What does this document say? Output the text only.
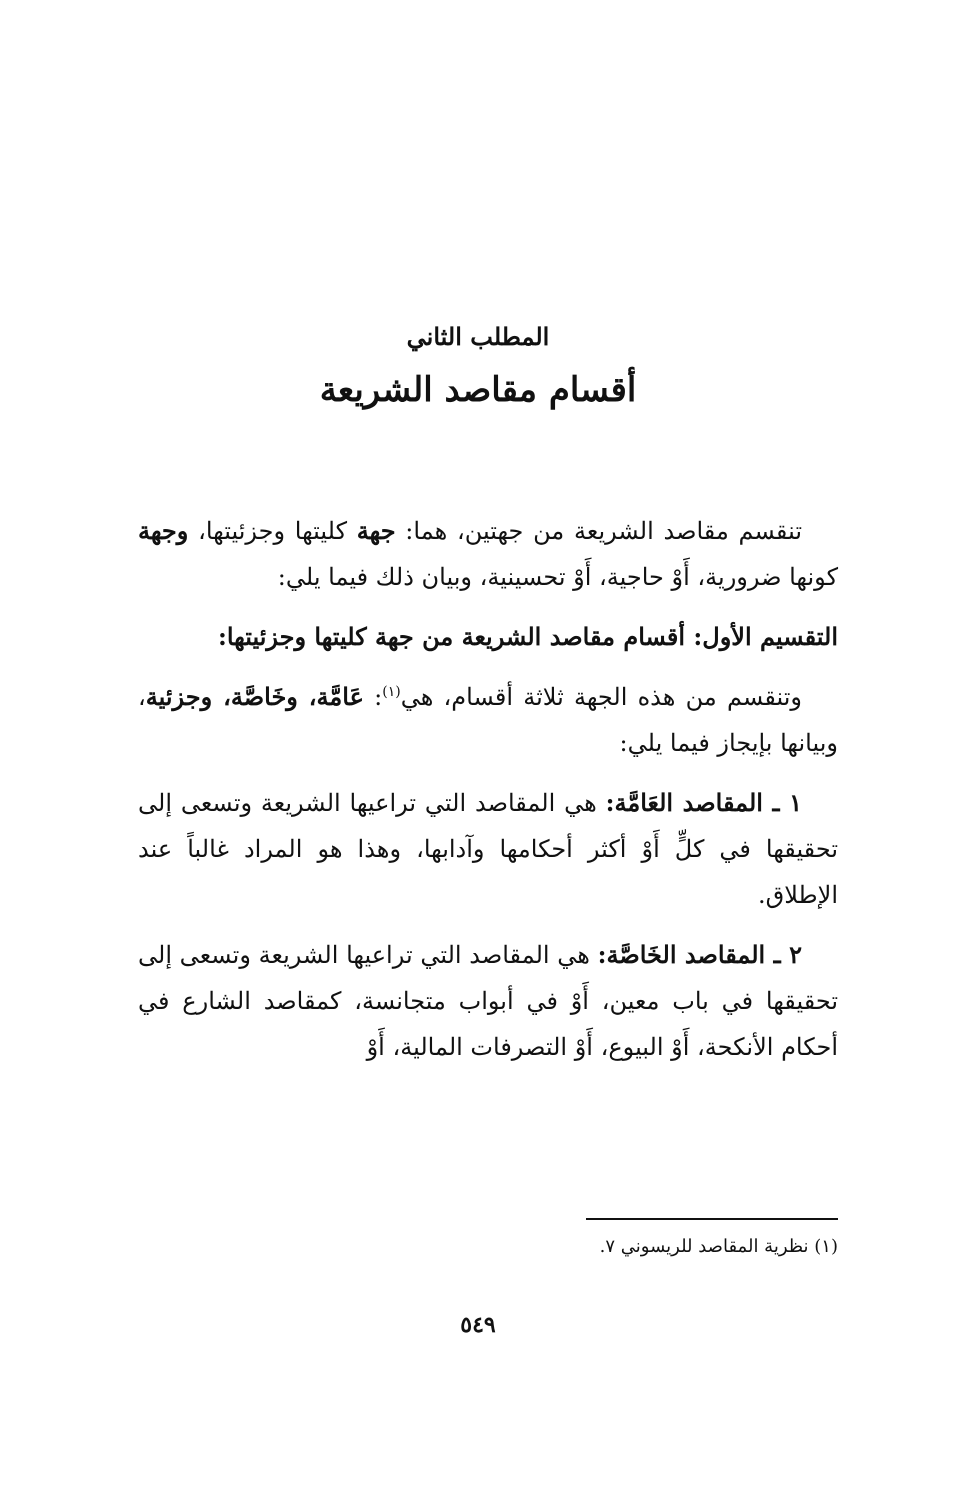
المطلب الثاني
أقسام مقاصد الشريعة

تنقسم مقاصد الشريعة من جهتين، هما: جهة كليتها وجزئيتها، وجهة كونها ضرورية، أَوْ حاجية، أَوْ تحسينية، وبيان ذلك فيما يلي:

التقسيم الأول: أقسام مقاصد الشريعة من جهة كليتها وجزئيتها:

وتنقسم من هذه الجهة ثلاثة أقسام، هي$^{(١)}$: عَامَّة، وخَاصَّة، وجزئية، وبيانها بإيجاز فيما يلي:

١ ـ المقاصد العَامَّة: هي المقاصد التي تراعيها الشريعة وتسعى إلى تحقيقها في كلٍّ أَوْ أكثر أحكامها وآدابها، وهذا هو المراد غالباً عند الإطلاق.

٢ ـ المقاصد الخَاصَّة: هي المقاصد التي تراعيها الشريعة وتسعى إلى تحقيقها في باب معين، أَوْ في أبواب متجانسة، كمقاصد الشارع في أحكام الأنكحة، أَوْ البيوع، أَوْ التصرفات المالية، أَوْ

(١) نظرية المقاصد للريسوني ٧.
٥٤٩
